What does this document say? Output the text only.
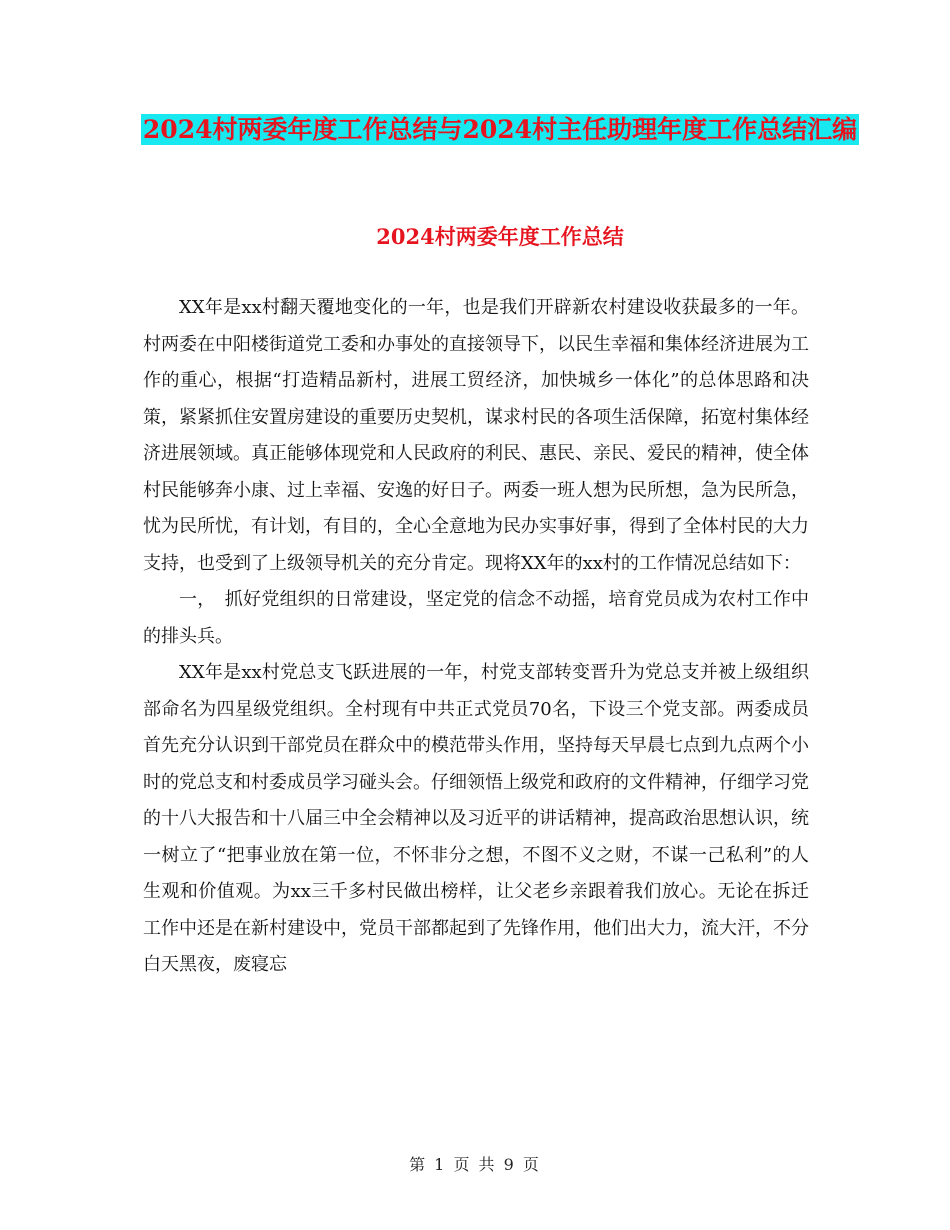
2024村两委年度工作总结与2024村主任助理年度工作总结汇编
2024村两委年度工作总结

XX年是xx村翻天覆地变化的一年，也是我们开辟新农村建设收获最多的一年。村两委在中阳楼街道党工委和办事处的直接领导下，以民生幸福和集体经济进展为工作的重心，根据“打造精品新村，进展工贸经济，加快城乡一体化”的总体思路和决策，紧紧抓住安置房建设的重要历史契机，谋求村民的各项生活保障，拓宽村集体经济进展领域。真正能够体现党和人民政府的利民、惠民、亲民、爱民的精神，使全体村民能够奔小康、过上幸福、安逸的好日子。两委一班人想为民所想，急为民所急，忧为民所忧，有计划，有目的，全心全意地为民办实事好事，得到了全体村民的大力支持，也受到了上级领导机关的充分肯定。现将XX年的xx村的工作情况总结如下：

一，　抓好党组织的日常建设，坚定党的信念不动摇，培育党员成为农村工作中的排头兵。

XX年是xx村党总支飞跃进展的一年，村党支部转变晋升为党总支并被上级组织部命名为四星级党组织。全村现有中共正式党员70名，下设三个党支部。两委成员首先充分认识到干部党员在群众中的模范带头作用，坚持每天早晨七点到九点两个小时的党总支和村委成员学习碰头会。仔细领悟上级党和政府的文件精神，仔细学习党的十八大报告和十八届三中全会精神以及习近平的讲话精神，提高政治思想认识，统一树立了“把事业放在第一位，不怀非分之想，不图不义之财，不谋一己私利”的人生观和价值观。为xx三千多村民做出榜样，让父老乡亲跟着我们放心。无论在拆迁工作中还是在新村建设中，党员干部都起到了先锋作用，他们出大力，流大汗，不分白天黑夜，废寝忘

第 1 页 共 9 页
